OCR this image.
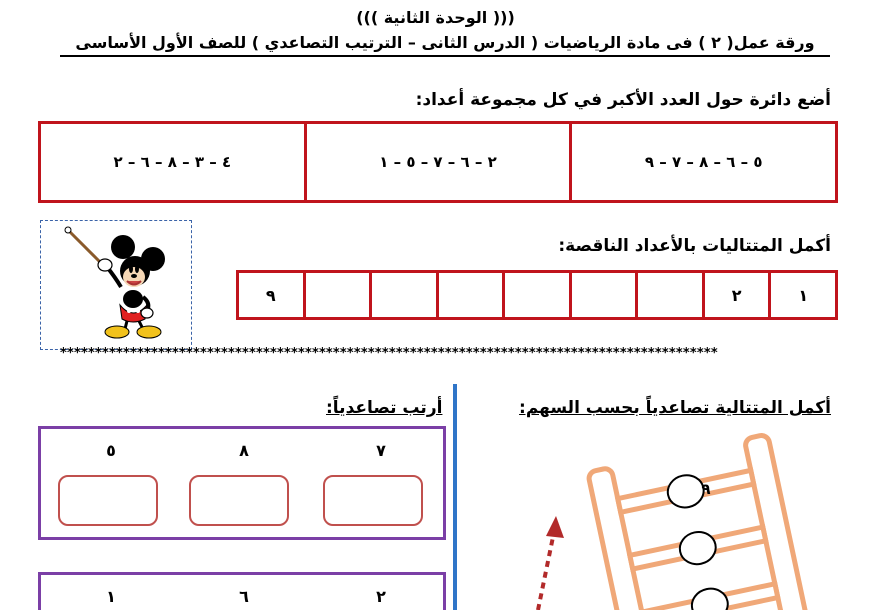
((( الوحدة الثانية )))
ورقة عمل( ٢ ) فى مادة الرياضيات ( الدرس الثانى – الترتيب التصاعدي ) للصف الأول الأساسى
أضع دائرة حول العدد الأكبر في كل مجموعة أعداد:
٥ – ٦ – ٨ – ٧ – ٩
٢ – ٦ – ٧ – ٥ – ١
٤ – ٣ – ٨ – ٦ – ٢
أكمل المتتاليات بالأعداد الناقصة:
١
٢
٩
**********************************************************************************************
أرتب تصاعدياً:
٧
٨
٥
٢
٦
١
أكمل المتتالية تصاعدياً بحسب السهم:
٩
